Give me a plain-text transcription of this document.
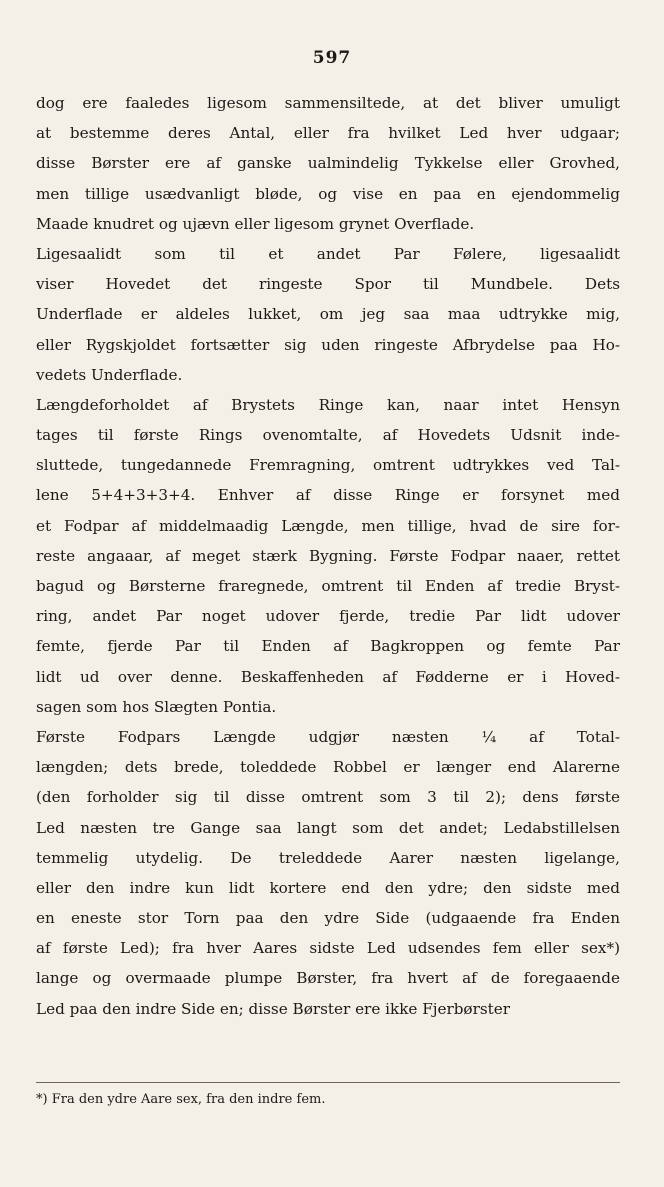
597
dog ere faaledes ligesom sammensiltede, at det bliver umuligt
at bestemme deres Antal, eller fra hvilket Led hver udgaar;
disse Børster ere af ganske ualmindelig Tykkelse eller Grovhed,
men tillige usædvanligt bløde, og vise en paa en ejendommelig
Maade knudret og ujævn eller ligesom grynet Overflade.
Ligesaalidt som til et andet Par Følere, ligesaalidt
viser Hovedet det ringeste Spor til Mundbele. Dets
Underflade er aldeles lukket, om jeg saa maa udtrykke mig,
eller Rygskjoldet fortsætter sig uden ringeste Afbrydelse paa Ho-
vedets Underflade.
Længdeforholdet af Brystets Ringe kan, naar intet Hensyn
tages til første Rings ovenomtalte, af Hovedets Udsnit inde-
sluttede, tungedannede Fremragning, omtrent udtrykkes ved Tal-
lene 5+4+3+3+4. Enhver af disse Ringe er forsynet med
et Fodpar af middelmaadig Længde, men tillige, hvad de sire for-
reste angaaar, af meget stærk Bygning. Første Fodpar naaer, rettet
bagud og Børsterne fraregnede, omtrent til Enden af tredie Bryst-
ring, andet Par noget udover fjerde, tredie Par lidt udover
femte, fjerde Par til Enden af Bagkroppen og femte Par
lidt ud over denne. Beskaffenheden af Fødderne er i Hoved-
sagen som hos Slægten Pontia.
Første Fodpars Længde udgjør næsten ¼ af Total-
længden; dets brede, toleddede Robbel er længer end Alarerne
(den forholder sig til disse omtrent som 3 til 2); dens første
Led næsten tre Gange saa langt som det andet; Ledabstillelsen
temmelig utydelig. De treleddede Aarer næsten ligelange,
eller den indre kun lidt kortere end den ydre; den sidste med
en eneste stor Torn paa den ydre Side (udgaaende fra Enden
af første Led); fra hver Aares sidste Led udsendes fem eller sex*)
lange og overmaade plumpe Børster, fra hvert af de foregaaende
Led paa den indre Side en; disse Børster ere ikke Fjerbørster
*) Fra den ydre Aare sex, fra den indre fem.
